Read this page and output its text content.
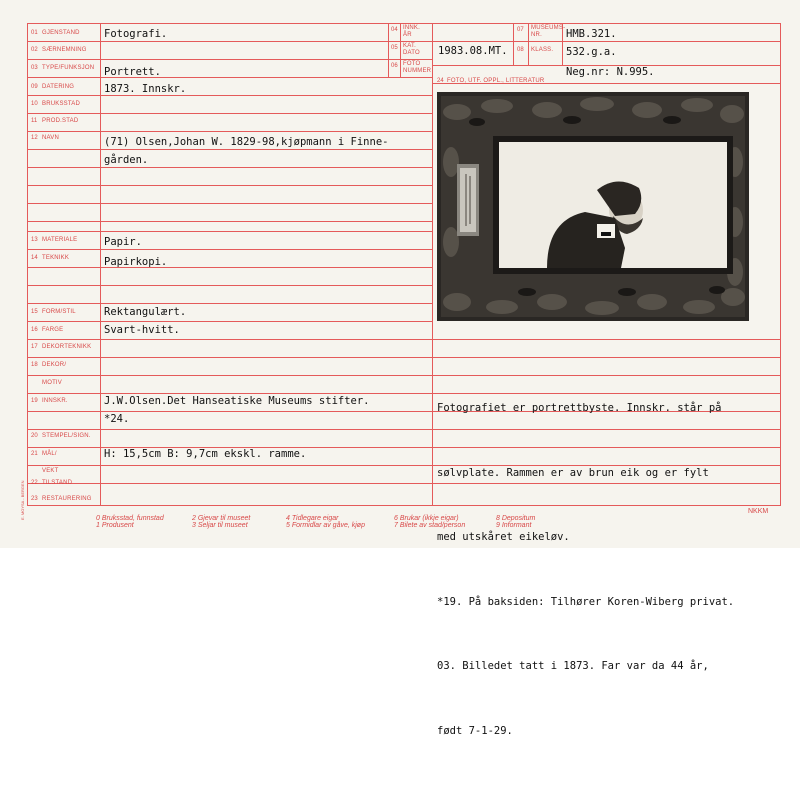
01 GJENSTAND Fotografi.
02 SÆRNEMNING
03 TYPE/FUNKSJON Portrett.
09 DATERING	1873. Innskr.
10 BRUKSSTAD
11 PROD.STAD
12 NAVN	(71) Olsen,Johan W. 1829-98,kjøpmann i Finne-
gården.
13 MATERIALE	Papir.
14 TEKNIKK	Papirkopi.
15 FORM/STIL	Rektangulært.
16 FARGE	Svart-hvitt.
17 DEKORTEKNIKK
18 DEKOR/
MOTIV
19 INNSKR.	J.W.Olsen.Det Hanseatiske Museums stifter.
*24.
20 STEMPEL/SIGN.
21 MÅL/	H: 15,5cm B: 9,7cm ekskl. ramme.
VEKT
22 TILSTAND
23 RESTAURERING
04 INNK.
ÅR
05 KAT.
DATO 1983.08.MT.
06 FOTO
NUMMER
07 MUSEUMS-
NR. HMB.321.
08 KLASS. 532.g.a.
Neg.nr: N.995.
24 FOTO, UTF. OPPL., LITTERATUR

Fotografiet er portrettbyste. Innskr. står på

sølvplate. Rammen er av brun eik og er fylt

med utskåret eikeløv.

*19. På baksiden: Tilhører Koren-Wiberg privat.

03. Billedet tatt i 1873. Far var da 44 år,

født 7-1-29.

0 Bruksstad, funnstad
1 Produsent
2 Gjevar til museet
3 Seljar til museet
4 Tidlegare eigar
5 Formidlar av gåve, kjøp
6 Brukar (ikkje eigar)
7 Bilete av stad/person
8 Depositum
9 Informant
NKKM
E. MOYSA - BERGEN
